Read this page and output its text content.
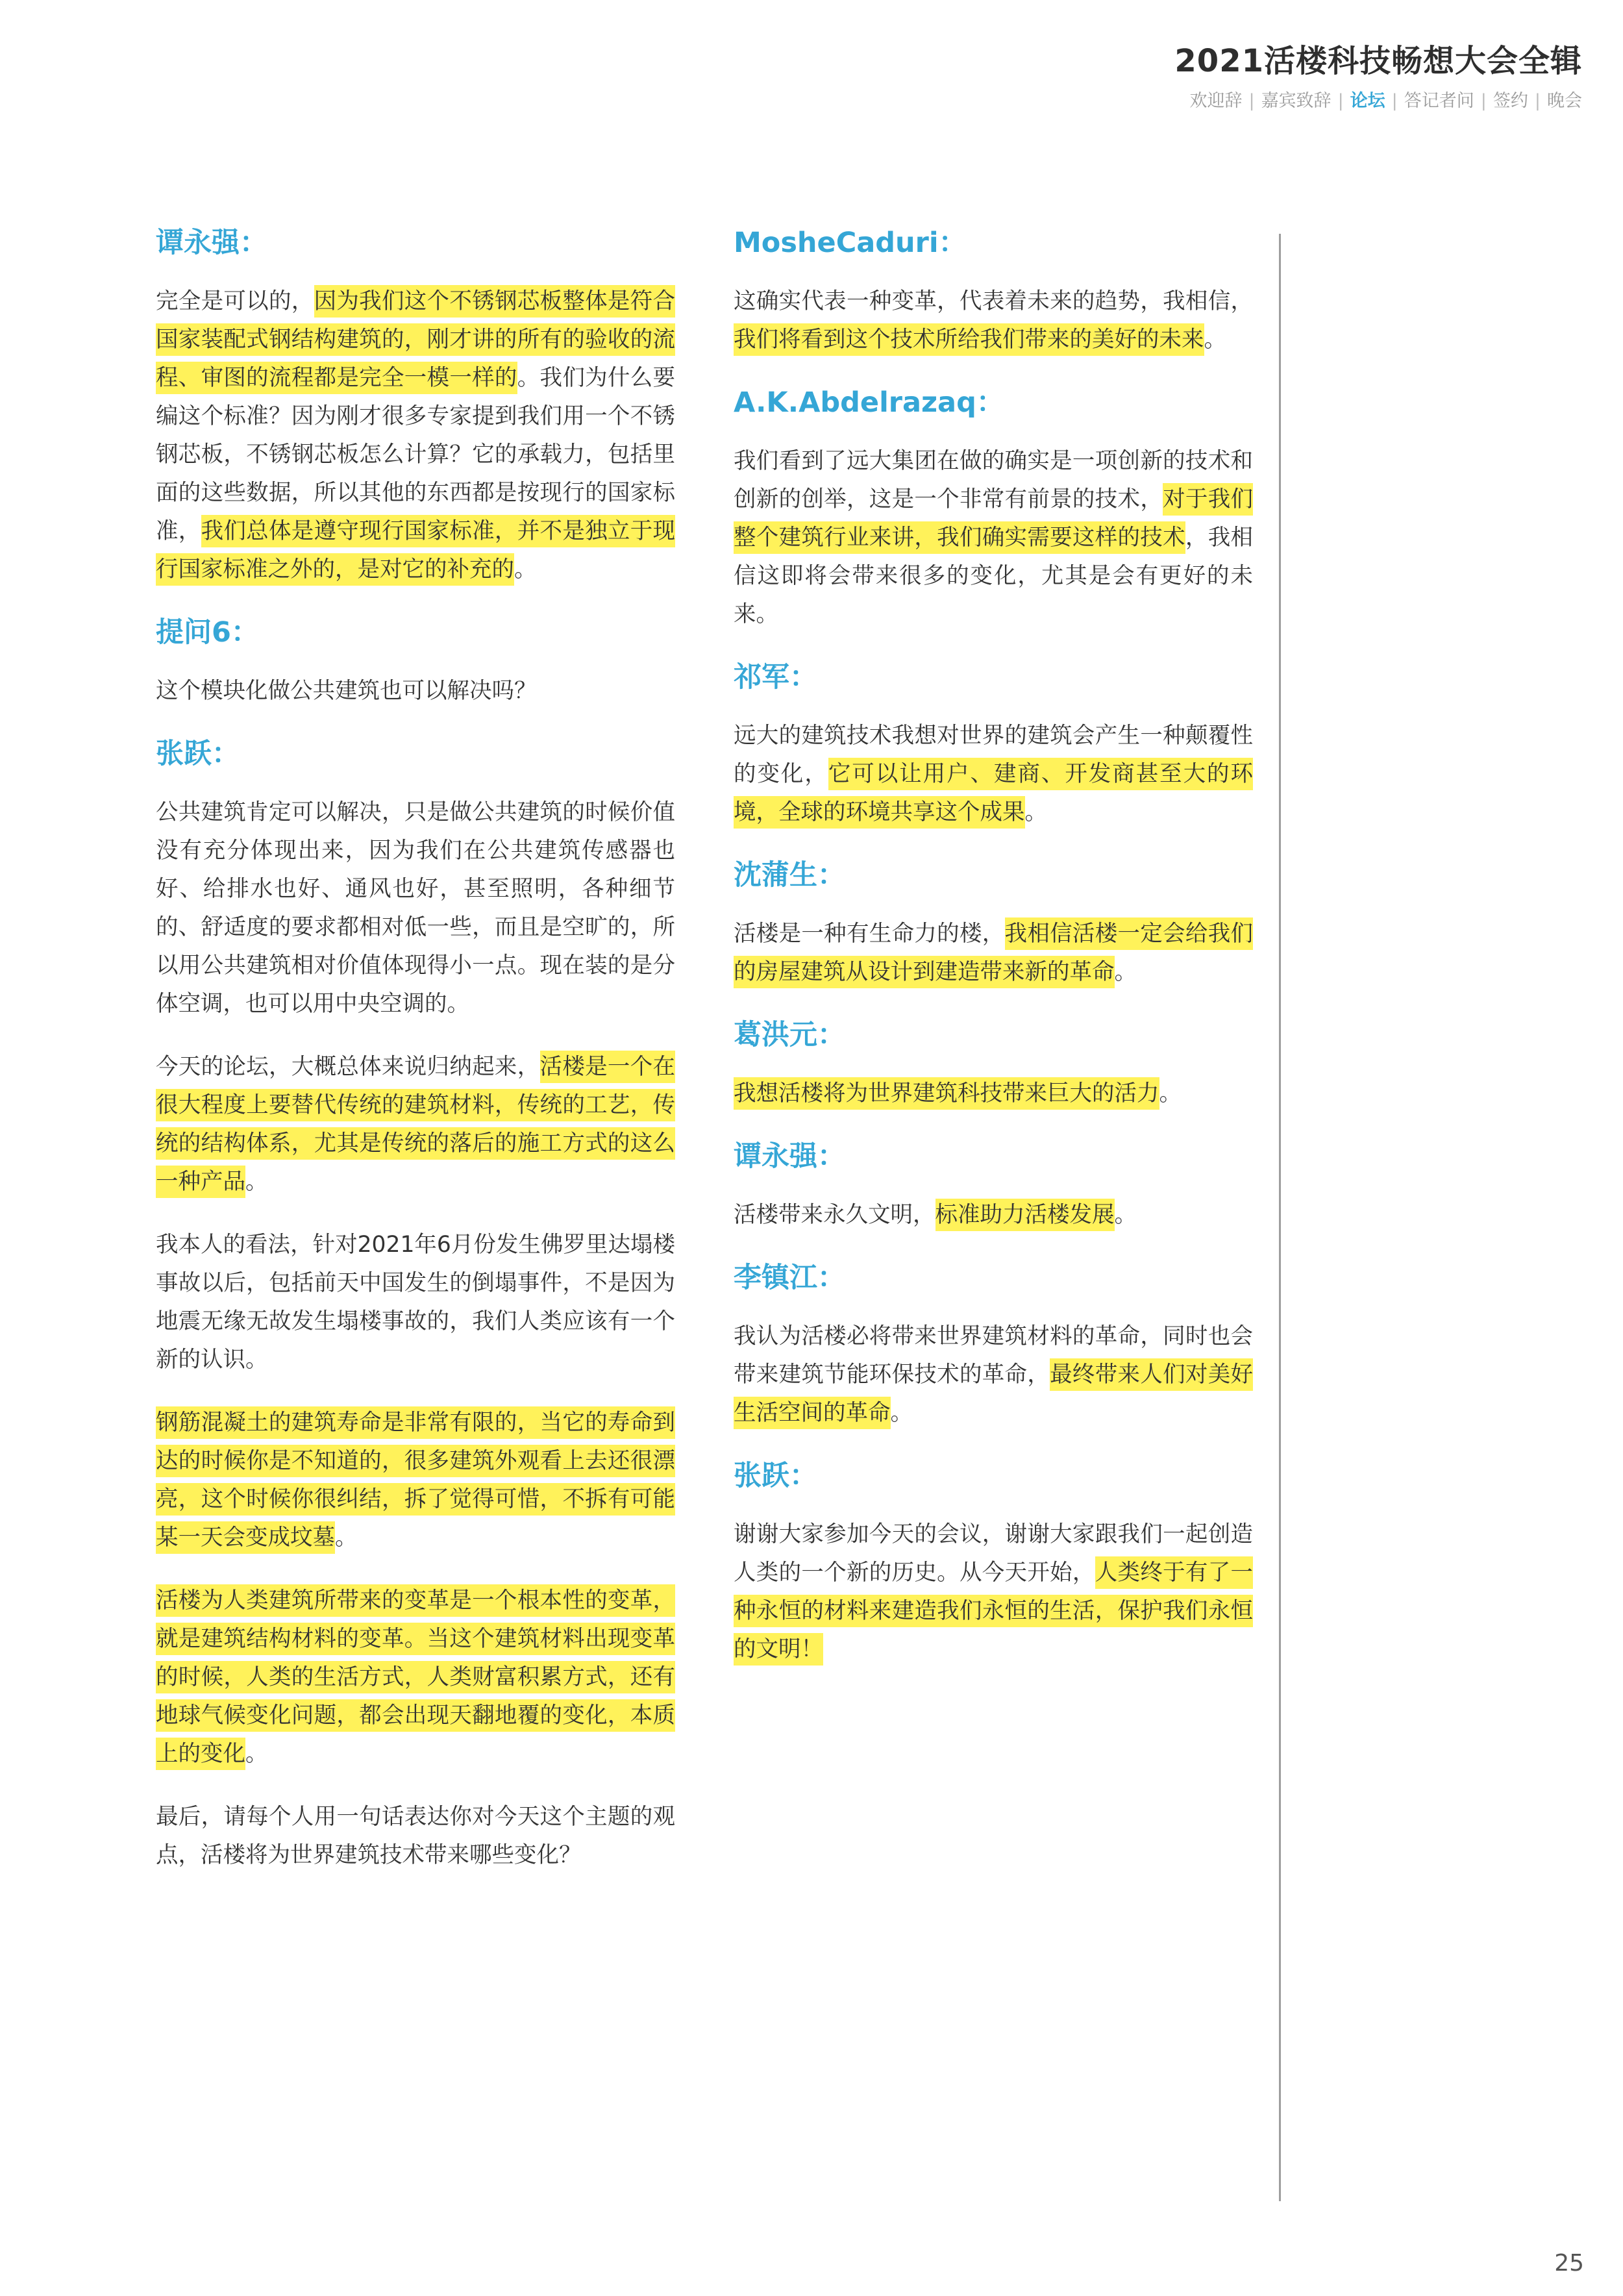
2021活楼科技畅想大会全辑
欢迎辞 | 嘉宾致辞 | 论坛 | 答记者问 | 签约 | 晚会
谭永强：

完全是可以的，因为我们这个不锈钢芯板整体是符合国家装配式钢结构建筑的，刚才讲的所有的验收的流程、审图的流程都是完全一模一样的。我们为什么要编这个标准？因为刚才很多专家提到我们用一个不锈钢芯板，不锈钢芯板怎么计算？它的承载力，包括里面的这些数据，所以其他的东西都是按现行的国家标准，我们总体是遵守现行国家标准，并不是独立于现行国家标准之外的，是对它的补充的。

提问6：

这个模块化做公共建筑也可以解决吗？

张跃：

公共建筑肯定可以解决，只是做公共建筑的时候价值没有充分体现出来，因为我们在公共建筑传感器也好、给排水也好、通风也好，甚至照明，各种细节的、舒适度的要求都相对低一些，而且是空旷的，所以用公共建筑相对价值体现得小一点。现在装的是分体空调，也可以用中央空调的。

今天的论坛，大概总体来说归纳起来，活楼是一个在很大程度上要替代传统的建筑材料，传统的工艺，传统的结构体系，尤其是传统的落后的施工方式的这么一种产品。

我本人的看法，针对2021年6月份发生佛罗里达塌楼事故以后，包括前天中国发生的倒塌事件，不是因为地震无缘无故发生塌楼事故的，我们人类应该有一个新的认识。

钢筋混凝土的建筑寿命是非常有限的，当它的寿命到达的时候你是不知道的，很多建筑外观看上去还很漂亮，这个时候你很纠结，拆了觉得可惜，不拆有可能某一天会变成坟墓。

活楼为人类建筑所带来的变革是一个根本性的变革，就是建筑结构材料的变革。当这个建筑材料出现变革的时候，人类的生活方式，人类财富积累方式，还有地球气候变化问题，都会出现天翻地覆的变化，本质上的变化。

最后，请每个人用一句话表达你对今天这个主题的观点，活楼将为世界建筑技术带来哪些变化？

MosheCaduri：

这确实代表一种变革，代表着未来的趋势，我相信，我们将看到这个技术所给我们带来的美好的未来。

A.K.Abdelrazaq：

我们看到了远大集团在做的确实是一项创新的技术和创新的创举，这是一个非常有前景的技术，对于我们整个建筑行业来讲，我们确实需要这样的技术，我相信这即将会带来很多的变化，尤其是会有更好的未来。

祁军：

远大的建筑技术我想对世界的建筑会产生一种颠覆性的变化，它可以让用户、建商、开发商甚至大的环境，全球的环境共享这个成果。

沈蒲生：

活楼是一种有生命力的楼，我相信活楼一定会给我们的房屋建筑从设计到建造带来新的革命。

葛洪元：

我想活楼将为世界建筑科技带来巨大的活力。

谭永强：

活楼带来永久文明，标准助力活楼发展。

李镇江：

我认为活楼必将带来世界建筑材料的革命，同时也会带来建筑节能环保技术的革命，最终带来人们对美好生活空间的革命。

张跃：

谢谢大家参加今天的会议，谢谢大家跟我们一起创造人类的一个新的历史。从今天开始，人类终于有了一种永恒的材料来建造我们永恒的生活，保护我们永恒的文明！

25
